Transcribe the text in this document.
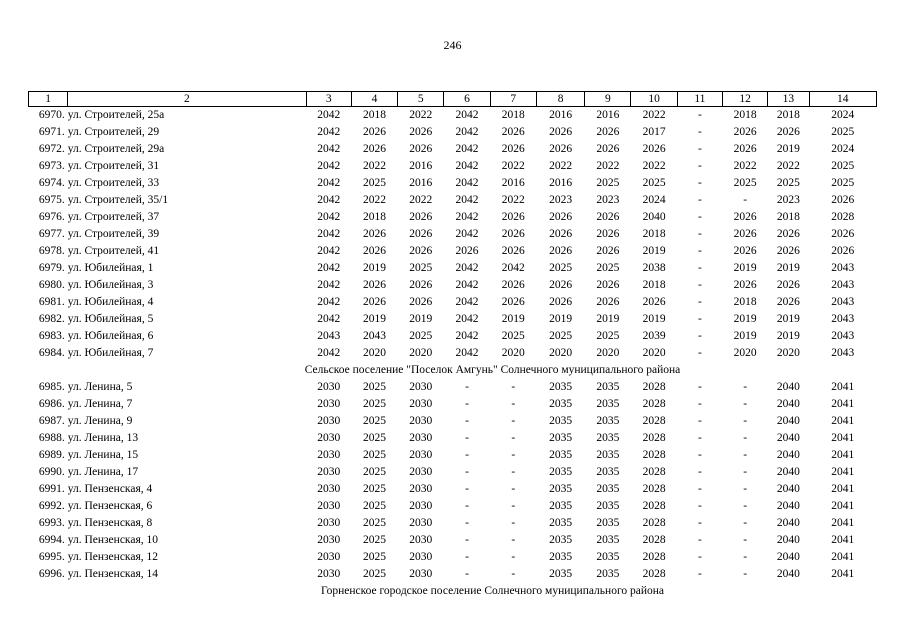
246
1	2	3	4	5	6	7	8	9	10	11	12	13	14
6970.	ул. Строителей, 25а	2042	2018	2022	2042	2018	2016	2016	2022	-	2018	2018	2024
6971.	ул. Строителей, 29	2042	2026	2026	2042	2026	2026	2026	2017	-	2026	2026	2025
6972.	ул. Строителей, 29а	2042	2026	2026	2042	2026	2026	2026	2026	-	2026	2019	2024
6973.	ул. Строителей, 31	2042	2022	2016	2042	2022	2022	2022	2022	-	2022	2022	2025
6974.	ул. Строителей, 33	2042	2025	2016	2042	2016	2016	2025	2025	-	2025	2025	2025
6975.	ул. Строителей, 35/1	2042	2022	2022	2042	2022	2023	2023	2024	-	-	2023	2026
6976.	ул. Строителей, 37	2042	2018	2026	2042	2026	2026	2026	2040	-	2026	2018	2028
6977.	ул. Строителей, 39	2042	2026	2026	2042	2026	2026	2026	2018	-	2026	2026	2026
6978.	ул. Строителей, 41	2042	2026	2026	2026	2026	2026	2026	2019	-	2026	2026	2026
6979.	ул. Юбилейная, 1	2042	2019	2025	2042	2042	2025	2025	2038	-	2019	2019	2043
6980.	ул. Юбилейная, 3	2042	2026	2026	2042	2026	2026	2026	2018	-	2026	2026	2043
6981.	ул. Юбилейная, 4	2042	2026	2026	2042	2026	2026	2026	2026	-	2018	2026	2043
6982.	ул. Юбилейная, 5	2042	2019	2019	2042	2019	2019	2019	2019	-	2019	2019	2043
6983.	ул. Юбилейная, 6	2043	2043	2025	2042	2025	2025	2025	2039	-	2019	2019	2043
6984.	ул. Юбилейная, 7	2042	2020	2020	2042	2020	2020	2020	2020	-	2020	2020	2043
Сельское поселение "Поселок Амгунь" Солнечного муниципального района													
6985.	ул. Ленина, 5	2030	2025	2030	-	-	2035	2035	2028	-	-	2040	2041
6986.	ул. Ленина, 7	2030	2025	2030	-	-	2035	2035	2028	-	-	2040	2041
6987.	ул. Ленина, 9	2030	2025	2030	-	-	2035	2035	2028	-	-	2040	2041
6988.	ул. Ленина, 13	2030	2025	2030	-	-	2035	2035	2028	-	-	2040	2041
6989.	ул. Ленина, 15	2030	2025	2030	-	-	2035	2035	2028	-	-	2040	2041
6990.	ул. Ленина, 17	2030	2025	2030	-	-	2035	2035	2028	-	-	2040	2041
6991.	ул. Пензенская, 4	2030	2025	2030	-	-	2035	2035	2028	-	-	2040	2041
6992.	ул. Пензенская, 6	2030	2025	2030	-	-	2035	2035	2028	-	-	2040	2041
6993.	ул. Пензенская, 8	2030	2025	2030	-	-	2035	2035	2028	-	-	2040	2041
6994.	ул. Пензенская, 10	2030	2025	2030	-	-	2035	2035	2028	-	-	2040	2041
6995.	ул. Пензенская, 12	2030	2025	2030	-	-	2035	2035	2028	-	-	2040	2041
6996.	ул. Пензенская, 14	2030	2025	2030	-	-	2035	2035	2028	-	-	2040	2041
Горненское городское поселение Солнечного муниципального района													
